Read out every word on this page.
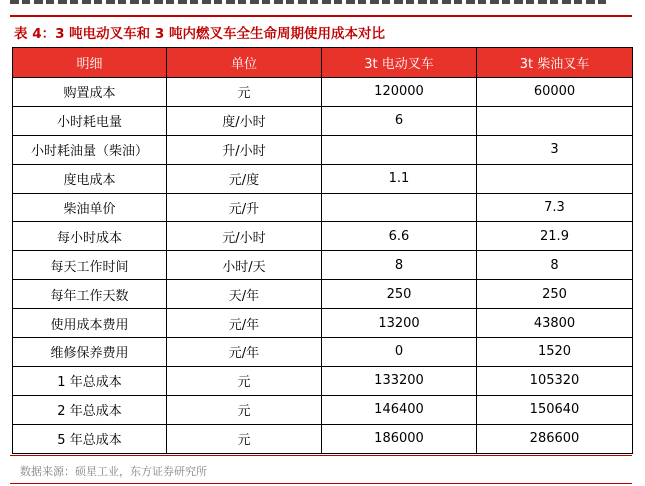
表 4：3 吨电动叉车和 3 吨内燃叉车全生命周期使用成本对比
明细	单位	3t 电动叉车	3t 柴油叉车
购置成本	元	120000	60000
小时耗电量	度/小时	6	
小时耗油量（柴油）	升/小时		3
度电成本	元/度	1.1	
柴油单价	元/升		7.3
每小时成本	元/小时	6.6	21.9
每天工作时间	小时/天	8	8
每年工作天数	天/年	250	250
使用成本费用	元/年	13200	43800
维修保养费用	元/年	0	1520
1 年总成本	元	133200	105320
2 年总成本	元	146400	150640
5 年总成本	元	186000	286600
数据来源：硕星工业，东方证券研究所
